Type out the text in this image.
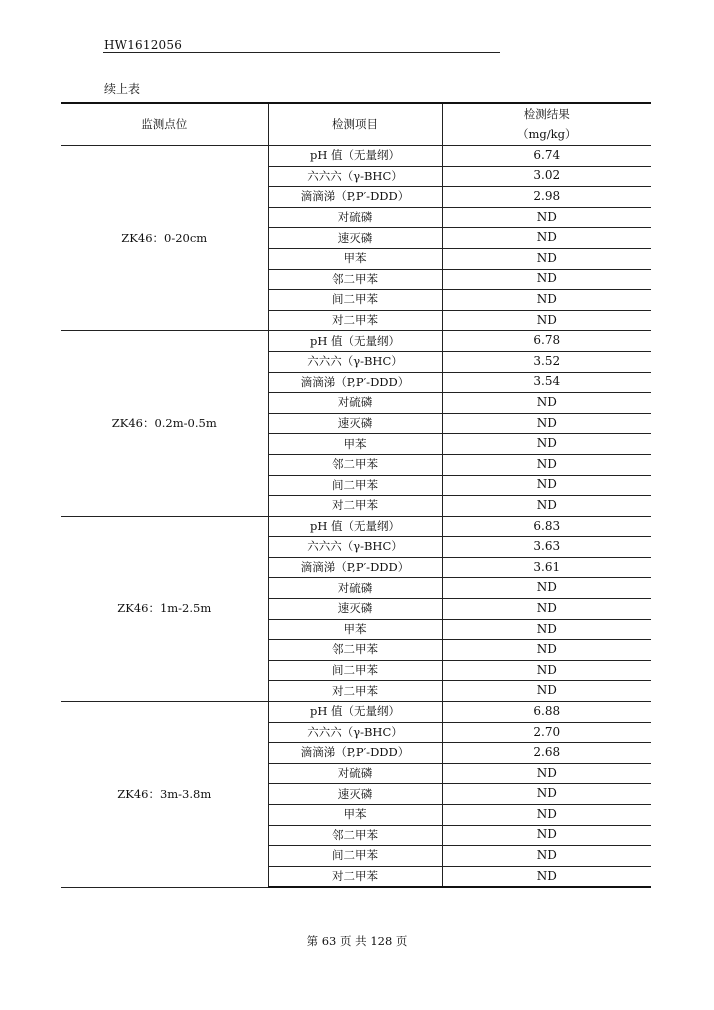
HW1612056
续上表
监测点位	检测项目	检测结果
（mg/kg）

ZK46：0-20cm	pH 值（无量纲）	6.74
	六六六（γ-BHC）	3.02
	滴滴涕（P,P′-DDD）	2.98
	对硫磷	ND
	速灭磷	ND
	甲苯	ND
	邻二甲苯	ND
	间二甲苯	ND
	对二甲苯	ND
ZK46：0.2m-0.5m	pH 值（无量纲）	6.78
	六六六（γ-BHC）	3.52
	滴滴涕（P,P′-DDD）	3.54
	对硫磷	ND
	速灭磷	ND
	甲苯	ND
	邻二甲苯	ND
	间二甲苯	ND
	对二甲苯	ND
ZK46：1m-2.5m	pH 值（无量纲）	6.83
	六六六（γ-BHC）	3.63
	滴滴涕（P,P′-DDD）	3.61
	对硫磷	ND
	速灭磷	ND
	甲苯	ND
	邻二甲苯	ND
	间二甲苯	ND
	对二甲苯	ND
ZK46：3m-3.8m	pH 值（无量纲）	6.88
	六六六（γ-BHC）	2.70
	滴滴涕（P,P′-DDD）	2.68
	对硫磷	ND
	速灭磷	ND
	甲苯	ND
	邻二甲苯	ND
	间二甲苯	ND
	对二甲苯	ND
第 63 页 共 128 页
